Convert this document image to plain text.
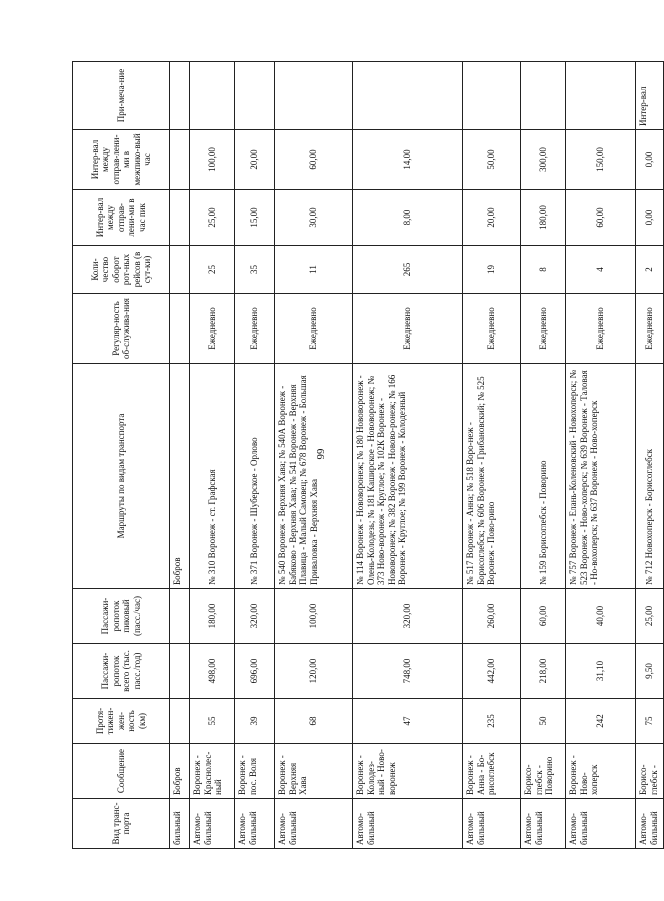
66
Вид транс-порта	Сообщение	Протя-тижен-жен-ность (км)	Пассажи-ропоток всего (тыс. пасс./год)	Пассажи-ропоток пиковый (пасс./час)	Маршруты по видам транспорта	Регуляр-ность об-служива-ния	Коли-чество оборот рот-ных рейсов (в сут-ки)	Интер-вал между отправ-лени-ми в час пик	Интер-вал между отправ-лени-ми в межпико-вый час	При-меча-ние
бильный	Бобров				Бобров					
Автомо-бильный	Воронеж - Краснолес-ный	55	498,00	180,00	№ 310 Воронеж - ст. Графская	Ежедневно	25	25,00	100,00	
Автомо-бильный	Воронеж - пос. Воля	39	696,00	320,00	№ 371 Воронеж - Шуберское - Орлово	Ежедневно	35	15,00	20,00	
Автомо-бильный	Воронеж - Верхняя Хава	68	120,00	100,00	№ 540 Воронеж - Верхняя Хава; № 540А Воронеж - Бабяково - Верхняя Хава; № 541 Воронеж - Верхняя Плавица - Малый Самовец; № 678 Воронеж - Большая Приваловка - Верхняя Хава	Ежедневно	11	30,00	60,00	
Автомо-бильный	Воронеж - Колодез-ный - Ново-воронеж	47	748,00	320,00	№ 114 Воронеж - Нововоронеж; № 180 Нововоронеж - Олень-Колодезь; № 181 Каширское - Нововоронеж; № 373 Ново-воронеж - Круглое; № 102К Воронеж - Нововоронеж; № 382 Воронеж - Новово-ронеж; № 166 Воронеж - Круглое; № 199 Воронеж - Колодезный	Ежедневно	265	8,00	14,00	
Автомо-бильный	Воронеж - Анна - Бо-рисоглебск	235	442,00	260,00	№ 517 Воронеж - Анна; № 518 Воро-неж - Борисоглебск; № 606 Воронеж - Грибановский; № 525 Воронеж - Пово-рино	Ежедневно	19	20,00	50,00	
Автомо-бильный	Борисо-глебск - Поворино	50	218,00	60,00	№ 159 Борисоглебск - Поворино	Ежедневно	8	180,00	300,00	
Автомо-бильный	Воронеж - Ново-хоперск	242	31,10	40,00	№ 757 Воронеж - Елань-Коленовский - Новохоперск; № 523 Воронеж - Ново-хоперск; № 639 Воронеж - Таловая - Но-вохоперск; № 637 Воронеж - Ново-хоперск	Ежедневно	4	60,00	150,00	
Автомо-бильный	Борисо-глебск -	75	9,50	25,00	№ 712 Новохоперск - Борисоглебск	Ежедневно	2	0,00	0,00	Интер-вал
